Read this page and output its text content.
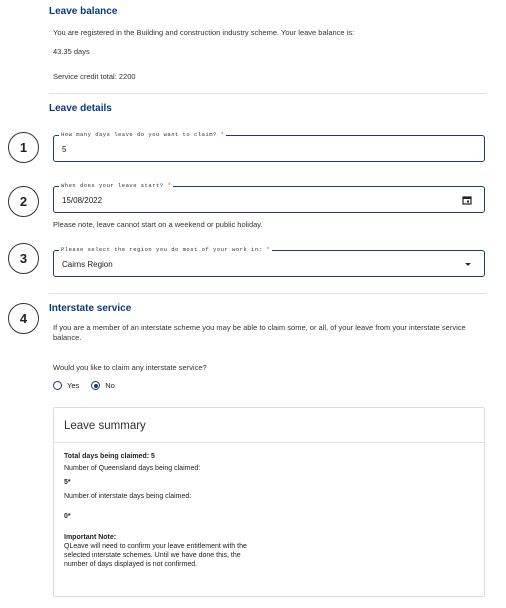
Leave balance
You are registered in the Building and construction industry scheme. Your leave balance is:
43.35 days
Service credit total: 2200
Leave details
1
How many days leave do you want to claim? *
5
2
When does your leave start? *
15/08/2022
Please note, leave cannot start on a weekend or public holiday.
3
Please select the region you do most of your work in: *
Cairns Region
4
Interstate service
If you are a member of an interstate scheme you may be able to claim some, or all, of your leave from your interstate service balance.
Would you like to claim any interstate service?
Yes	No
Leave summary
Total days being claimed: 5
Number of Queensland days being claimed:
5*
Number of interstate days being claimed:
0*
Important Note:
QLeave will need to confirm your leave entitlement with the
selected interstate schemes. Until we have done this, the
number of days displayed is not confirmed.
